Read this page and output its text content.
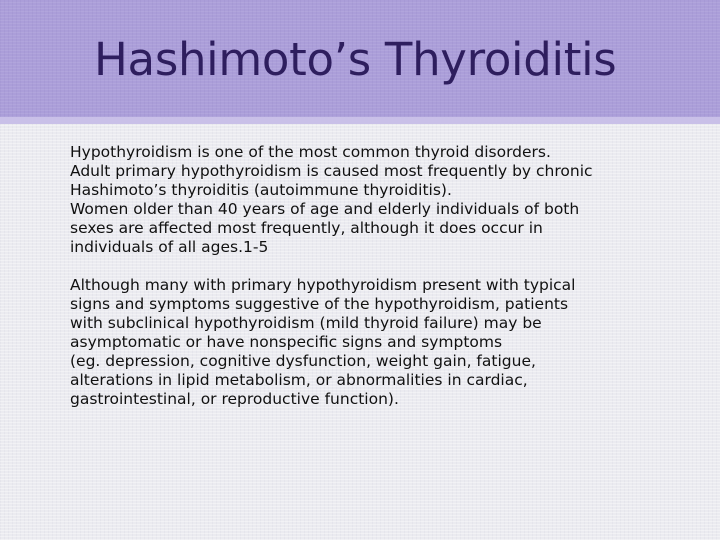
Hashimoto’s Thyroiditis

Hypothyroidism is one of the most common thyroid disorders.

Adult primary hypothyroidism is caused most frequently by chronic

Hashimoto’s thyroiditis (autoimmune thyroiditis).

Women older than 40 years of age and elderly individuals of both

sexes are affected most frequently, although it does occur in

individuals of all ages.1-5

Although many with primary hypothyroidism present with typical

signs and symptoms suggestive of the hypothyroidism, patients

with subclinical hypothyroidism (mild thyroid failure) may be

asymptomatic or have nonspecific signs and symptoms

(eg. depression, cognitive dysfunction, weight gain, fatigue,

alterations in lipid metabolism, or abnormalities in cardiac,

gastrointestinal, or reproductive function).
